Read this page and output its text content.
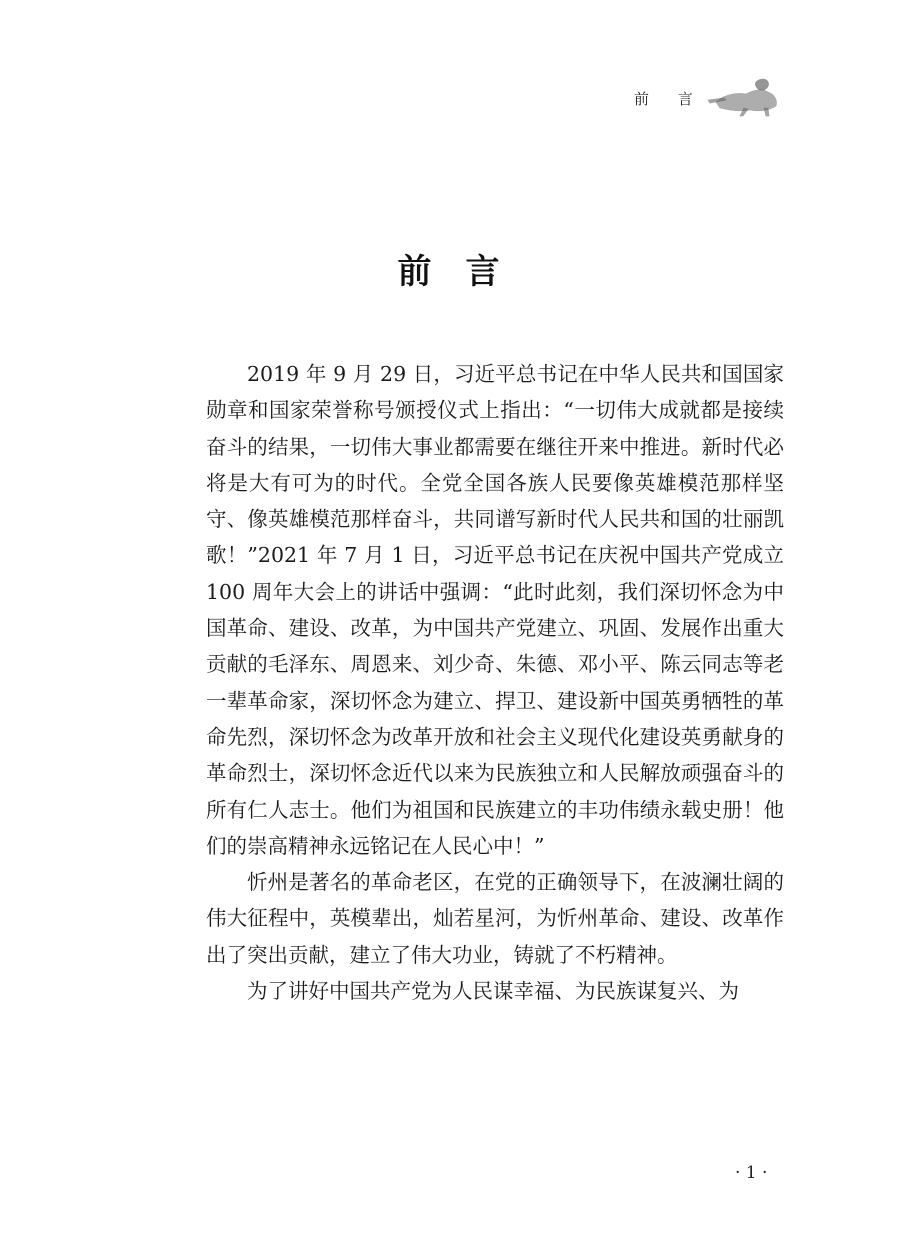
前 言
前言

2019 年 9 月 29 日，习近平总书记在中华人民共和国国家勋章和国家荣誉称号颁授仪式上指出：“一切伟大成就都是接续奋斗的结果，一切伟大事业都需要在继往开来中推进。新时代必将是大有可为的时代。全党全国各族人民要像英雄模范那样坚守、像英雄模范那样奋斗，共同谱写新时代人民共和国的壮丽凯歌！”2021 年 7 月 1 日，习近平总书记在庆祝中国共产党成立 100 周年大会上的讲话中强调：“此时此刻，我们深切怀念为中国革命、建设、改革，为中国共产党建立、巩固、发展作出重大贡献的毛泽东、周恩来、刘少奇、朱德、邓小平、陈云同志等老一辈革命家，深切怀念为建立、捍卫、建设新中国英勇牺牲的革命先烈，深切怀念为改革开放和社会主义现代化建设英勇献身的革命烈士，深切怀念近代以来为民族独立和人民解放顽强奋斗的所有仁人志士。他们为祖国和民族建立的丰功伟绩永载史册！他们的崇高精神永远铭记在人民心中！”

忻州是著名的革命老区，在党的正确领导下，在波澜壮阔的伟大征程中，英模辈出，灿若星河，为忻州革命、建设、改革作出了突出贡献，建立了伟大功业，铸就了不朽精神。

为了讲好中国共产党为人民谋幸福、为民族谋复兴、为

· 1 ·
